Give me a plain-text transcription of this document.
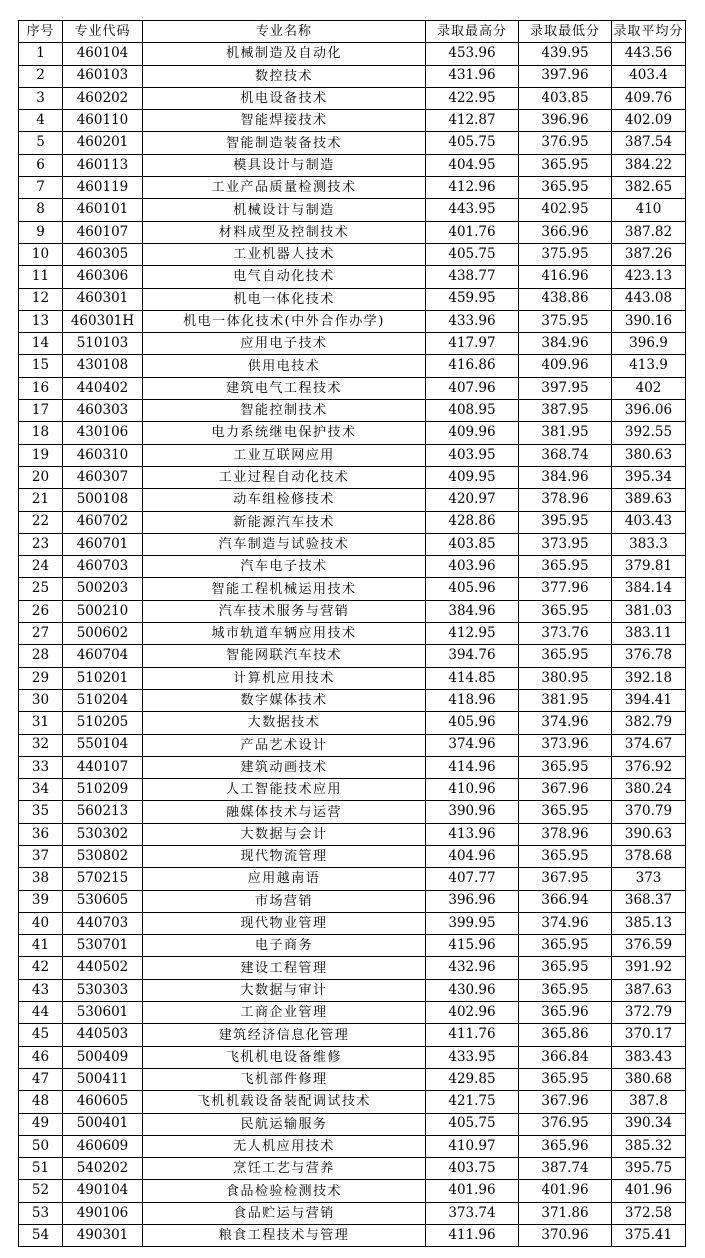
序号	专业代码	专业名称	录取最高分	录取最低分	录取平均分
1	460104	机械制造及自动化	453.96	439.95	443.56
2	460103	数控技术	431.96	397.96	403.4
3	460202	机电设备技术	422.95	403.85	409.76
4	460110	智能焊接技术	412.87	396.96	402.09
5	460201	智能制造装备技术	405.75	376.95	387.54
6	460113	模具设计与制造	404.95	365.95	384.22
7	460119	工业产品质量检测技术	412.96	365.95	382.65
8	460101	机械设计与制造	443.95	402.95	410
9	460107	材料成型及控制技术	401.76	366.96	387.82
10	460305	工业机器人技术	405.75	375.95	387.26
11	460306	电气自动化技术	438.77	416.96	423.13
12	460301	机电一体化技术	459.95	438.86	443.08
13	460301H	机电一体化技术(中外合作办学)	433.96	375.95	390.16
14	510103	应用电子技术	417.97	384.96	396.9
15	430108	供用电技术	416.86	409.96	413.9
16	440402	建筑电气工程技术	407.96	397.95	402
17	460303	智能控制技术	408.95	387.95	396.06
18	430106	电力系统继电保护技术	409.96	381.95	392.55
19	460310	工业互联网应用	403.95	368.74	380.63
20	460307	工业过程自动化技术	409.95	384.96	395.34
21	500108	动车组检修技术	420.97	378.96	389.63
22	460702	新能源汽车技术	428.86	395.95	403.43
23	460701	汽车制造与试验技术	403.85	373.95	383.3
24	460703	汽车电子技术	403.96	365.95	379.81
25	500203	智能工程机械运用技术	405.96	377.96	384.14
26	500210	汽车技术服务与营销	384.96	365.95	381.03
27	500602	城市轨道车辆应用技术	412.95	373.76	383.11
28	460704	智能网联汽车技术	394.76	365.95	376.78
29	510201	计算机应用技术	414.85	380.95	392.18
30	510204	数字媒体技术	418.96	381.95	394.41
31	510205	大数据技术	405.96	374.96	382.79
32	550104	产品艺术设计	374.96	373.96	374.67
33	440107	建筑动画技术	414.96	365.95	376.92
34	510209	人工智能技术应用	410.96	367.96	380.24
35	560213	融媒体技术与运营	390.96	365.95	370.79
36	530302	大数据与会计	413.96	378.96	390.63
37	530802	现代物流管理	404.96	365.95	378.68
38	570215	应用越南语	407.77	367.95	373
39	530605	市场营销	396.96	366.94	368.37
40	440703	现代物业管理	399.95	374.96	385.13
41	530701	电子商务	415.96	365.95	376.59
42	440502	建设工程管理	432.96	365.95	391.92
43	530303	大数据与审计	430.96	365.95	387.63
44	530601	工商企业管理	402.96	365.96	372.79
45	440503	建筑经济信息化管理	411.76	365.86	370.17
46	500409	飞机机电设备维修	433.95	366.84	383.43
47	500411	飞机部件修理	429.85	365.95	380.68
48	460605	飞机机载设备装配调试技术	421.75	367.96	387.8
49	500401	民航运输服务	405.75	376.95	390.34
50	460609	无人机应用技术	410.97	365.96	385.32
51	540202	烹饪工艺与营养	403.75	387.74	395.75
52	490104	食品检验检测技术	401.96	401.96	401.96
53	490106	食品贮运与营销	373.74	371.86	372.58
54	490301	粮食工程技术与管理	411.96	370.96	375.41
